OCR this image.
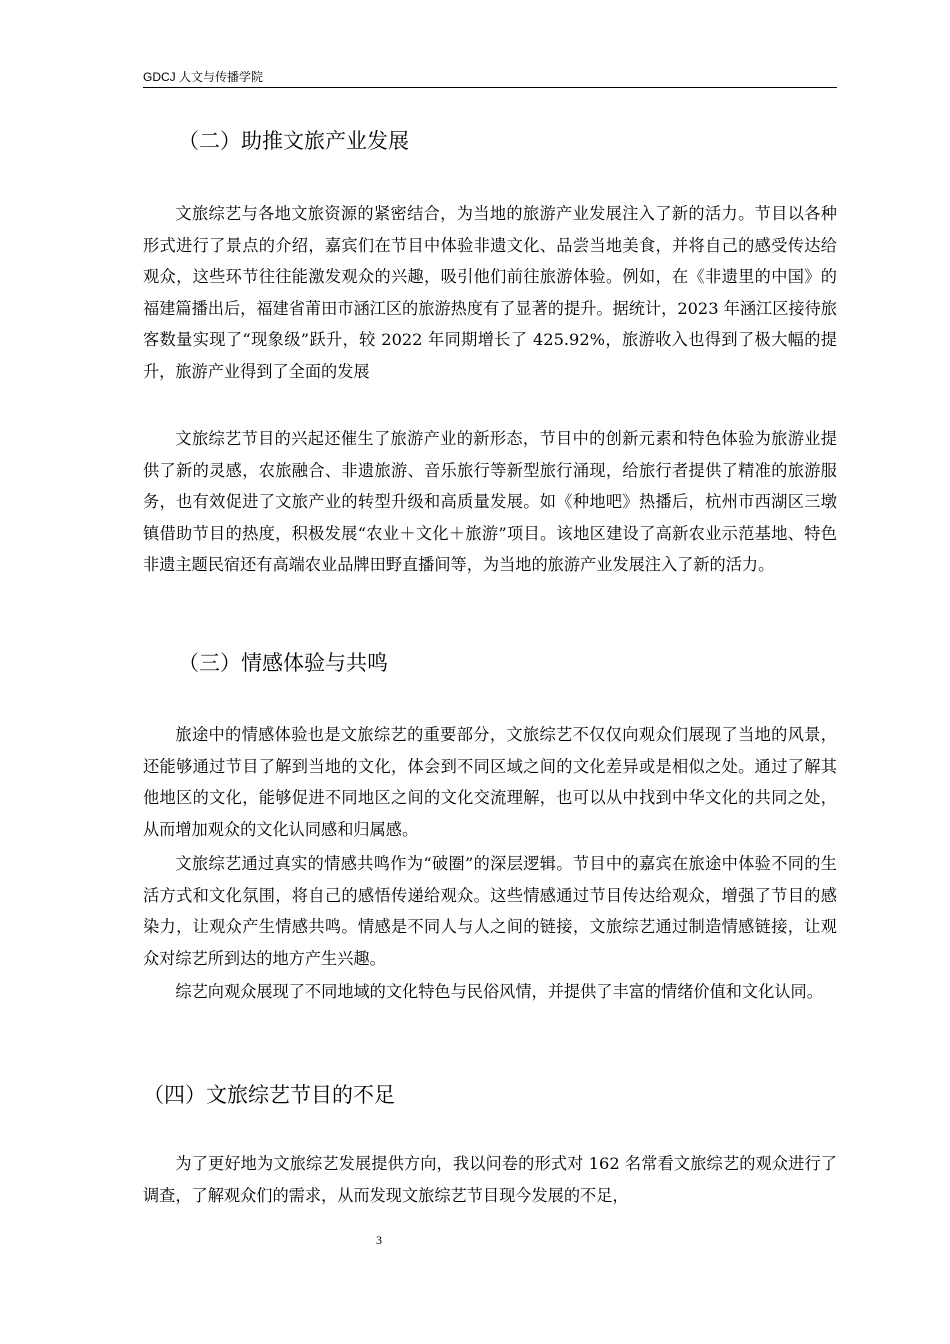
GDCJ 人文与传播学院
（二）助推文旅产业发展

文旅综艺与各地文旅资源的紧密结合，为当地的旅游产业发展注入了新的活力。节目以各种形式进行了景点的介绍，嘉宾们在节目中体验非遗文化、品尝当地美食，并将自己的感受传达给观众，这些环节往往能激发观众的兴趣，吸引他们前往旅游体验。例如，在《非遗里的中国》的福建篇播出后，福建省莆田市涵江区的旅游热度有了显著的提升。据统计，2023 年涵江区接待旅客数量实现了“现象级”跃升，较 2022 年同期增长了 425.92%，旅游收入也得到了极大幅的提升，旅游产业得到了全面的发展

文旅综艺节目的兴起还催生了旅游产业的新形态，节目中的创新元素和特色体验为旅游业提供了新的灵感，农旅融合、非遗旅游、音乐旅行等新型旅行涌现，给旅行者提供了精准的旅游服务，也有效促进了文旅产业的转型升级和高质量发展。如《种地吧》热播后，杭州市西湖区三墩镇借助节目的热度，积极发展“农业＋文化＋旅游”项目。该地区建设了高新农业示范基地、特色非遗主题民宿还有高端农业品牌田野直播间等，为当地的旅游产业发展注入了新的活力。

（三）情感体验与共鸣

旅途中的情感体验也是文旅综艺的重要部分，文旅综艺不仅仅向观众们展现了当地的风景，还能够通过节目了解到当地的文化，体会到不同区域之间的文化差异或是相似之处。通过了解其他地区的文化，能够促进不同地区之间的文化交流理解，也可以从中找到中华文化的共同之处，从而增加观众的文化认同感和归属感。

文旅综艺通过真实的情感共鸣作为“破圈”的深层逻辑。节目中的嘉宾在旅途中体验不同的生活方式和文化氛围，将自己的感悟传递给观众。这些情感通过节目传达给观众，增强了节目的感染力，让观众产生情感共鸣。情感是不同人与人之间的链接，文旅综艺通过制造情感链接，让观众对综艺所到达的地方产生兴趣。

综艺向观众展现了不同地域的文化特色与民俗风情，并提供了丰富的情绪价值和文化认同。

（四）文旅综艺节目的不足

为了更好地为文旅综艺发展提供方向，我以问卷的形式对 162 名常看文旅综艺的观众进行了调查，了解观众们的需求，从而发现文旅综艺节目现今发展的不足，

3
